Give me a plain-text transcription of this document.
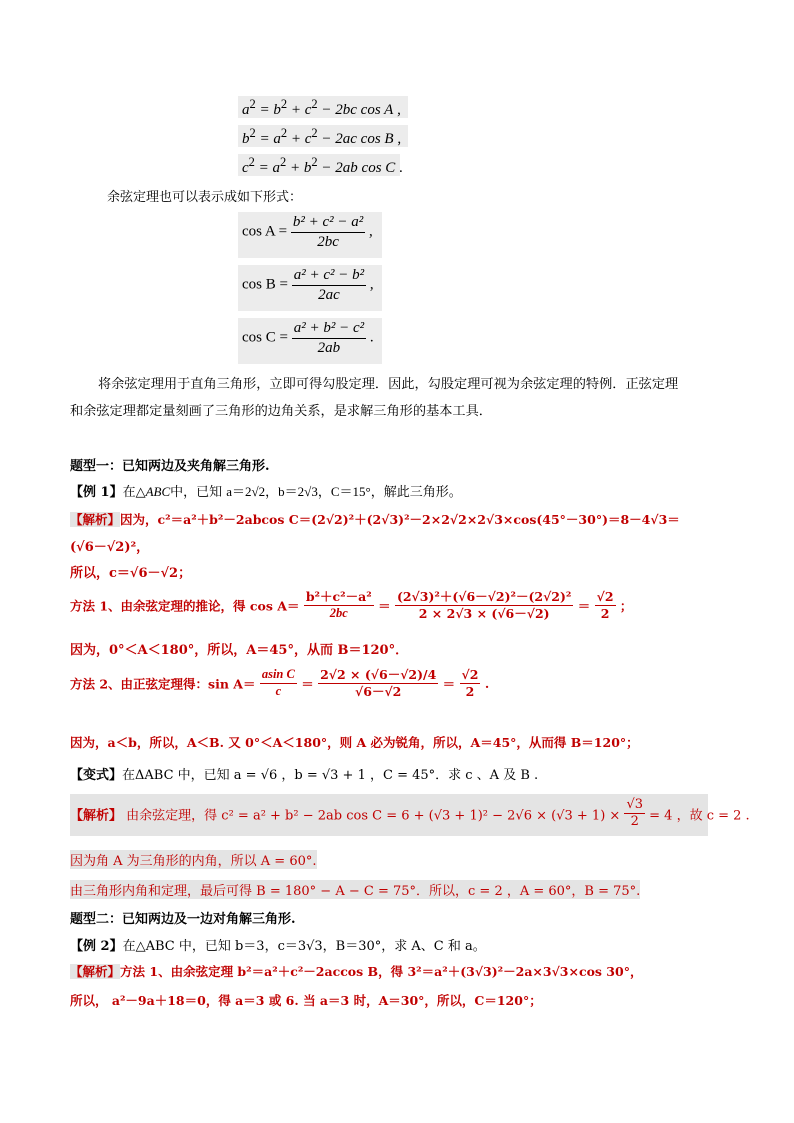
$a^2 = b^2 + c^2 - 2bc$ cos A ,
$b^2 = a^2 + c^2 - 2ac$ cos B ,
$c^2 = a^2 + b^2 - 2ab$ cos C .
余弦定理也可以表示成如下形式：
$\cos A = \frac{\text{b² + c² − a²}}{2bc}$ ,
$\cos B = \frac{\text{a² + c² − b²}}{2ac}$ ,
$\cos C = \frac{\text{a² + b² − c²}}{2ab}$ .
将余弦定理用于直角三角形，立即可得勾股定理．因此，勾股定理可视为余弦定理的特例．正弦定理
和余弦定理都定量刻画了三角形的边角关系，是求解三角形的基本工具．
题型一：已知两边及夹角解三角形.
【例 1】在△ABC中，已知 a＝2√2，b＝2√3，C＝15°，解此三角形。
【解析】因为，c²＝a²＋b²－2abcos C＝(2√2)²＋(2√3)²－2×2√2×2√3×cos(45°－30°)＝8－4√3＝
(√6－√2)²，
所以，c＝√6－√2；
方法 1、由余弦定理的推论，得 $\cos A= \frac{\text{b²＋c²－a²}}{2bc} = \frac{\text{(2√3)²＋(√6－√2)²－(2√2)²}}{2 \times 2√3 \times (√6-√2)} = \frac{√2}{2}$ ；
因为，0°＜A＜180°，所以，A＝45°，从而 B＝120°．
方法 2、由正弦定理得：$\sin A= \frac{\text{asin C}}{c} = \frac{2√2 \times (√6-√2)/4}{√6-√2} = \frac{√2}{2}$ .
因为，a＜b，所以，A＜B. 又 0°＜A＜180°，则 A 必为锐角，所以，A＝45°，从而得 B＝120°；
【变式】在ΔABC 中，已知 a = √6 ，b = √3 + 1 ，C = 45°．求 c 、A 及 B .
【解析】 由余弦定理，得 c² = a² + b² − 2ab $\cos C = 6 + (√3 + 1)^2 - 2√6 \times (√3 + 1) \times \frac{√3}{2} = 4$ ，故 c = 2 .
因为角 A 为三角形的内角，所以 A = 60°.
由三角形内角和定理，最后可得 B = 180° − A − C = 75°．所以，c = 2 ，A = 60°，B = 75°.
题型二：已知两边及一边对角解三角形.
【例 2】在△ABC 中，已知 b＝3，c＝3√3，B＝30°，求 A、C 和 a。
【解析】方法 1、由余弦定理 b²＝a²＋c²－2accos B，得 3²＝a²＋(3√3)²－2a×3√3×cos 30°，
所以， a²－9a＋18＝0，得 a＝3 或 6. 当 a＝3 时，A＝30°，所以，C＝120°；
